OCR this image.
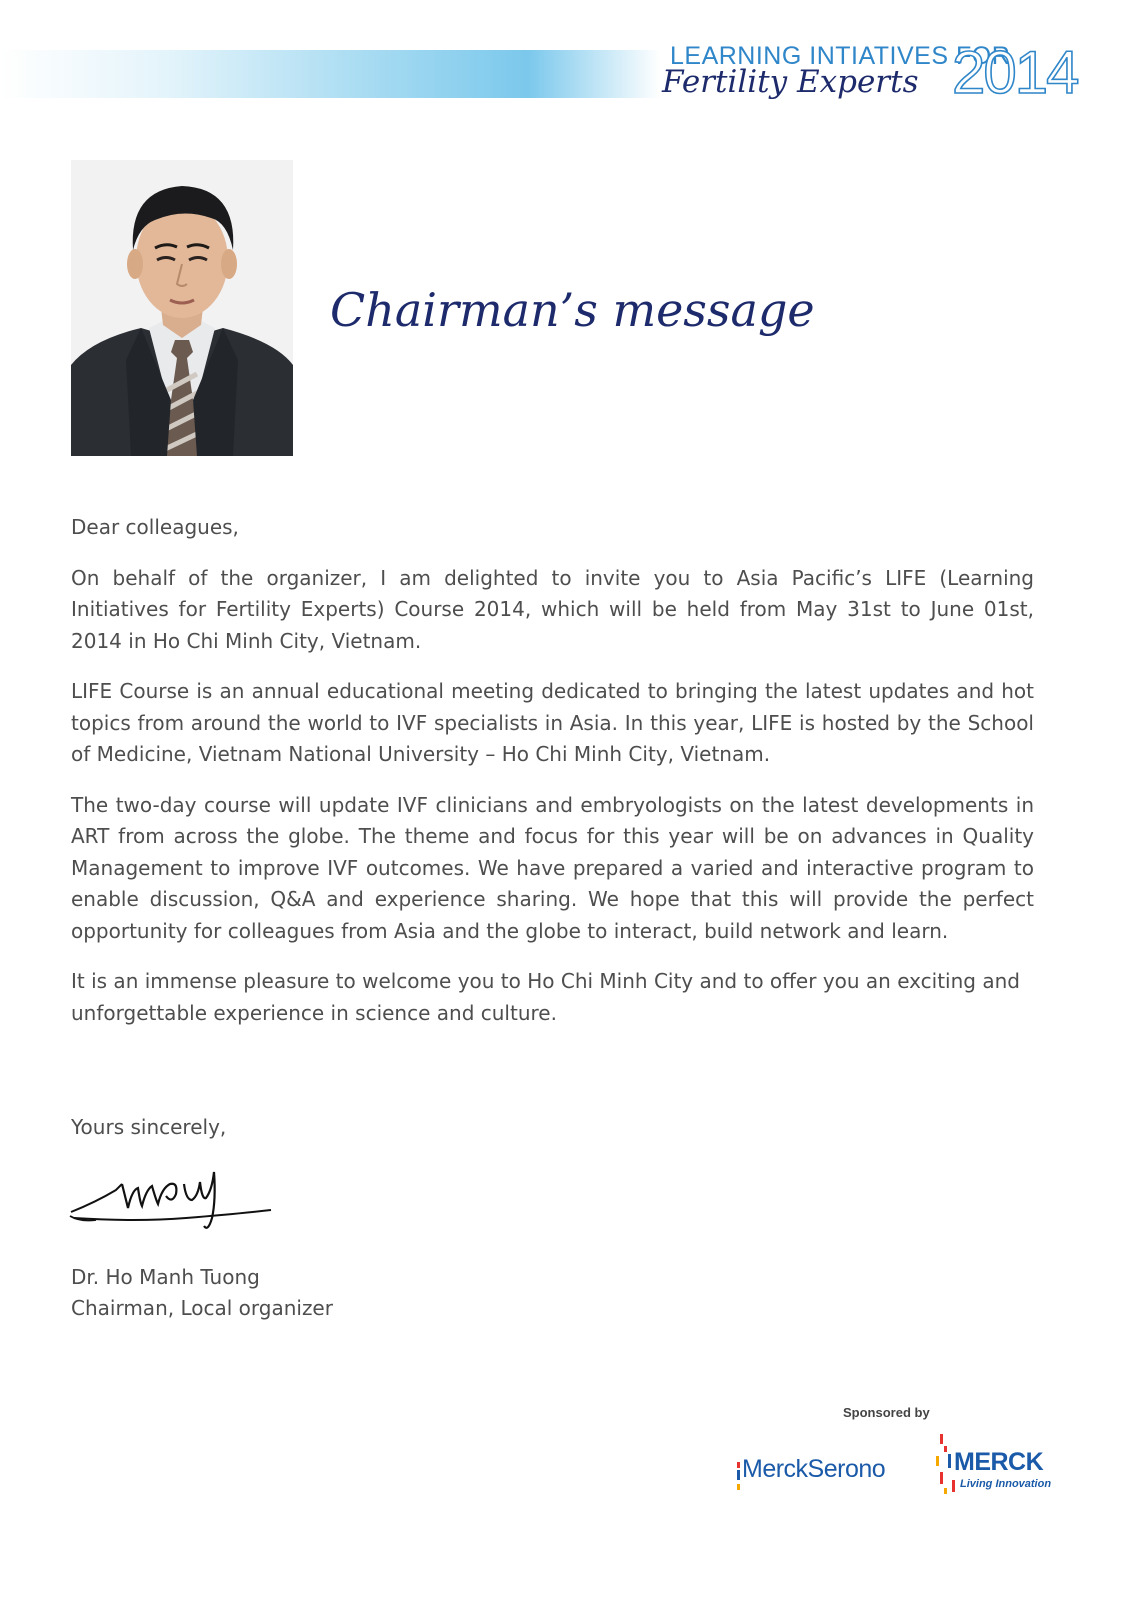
LEARNING INTIATIVES FOR
Fertility Experts 2014
Chairman’s message

Dear colleagues,

On behalf of the organizer, I am delighted to invite you to Asia Pacific’s LIFE (Learning Initiatives for Fertility Experts) Course 2014, which will be held from May 31st to June 01st, 2014 in Ho Chi Minh City, Vietnam.

LIFE Course is an annual educational meeting dedicated to bringing the latest updates and hot topics from around the world to IVF specialists in Asia. In this year, LIFE is hosted by the School of Medicine, Vietnam National University – Ho Chi Minh City, Vietnam.

The two-day course will update IVF clinicians and embryologists on the latest developments in ART from across the globe. The theme and focus for this year will be on advances in Quality Management to improve IVF outcomes. We have prepared a varied and interactive program to enable discussion, Q&A and experience sharing. We hope that this will provide the perfect opportunity for colleagues from Asia and the globe to interact, build network and learn.

It is an immense pleasure to welcome you to Ho Chi Minh City and to offer you an exciting and unforgettable experience in science and culture.

Yours sincerely,
Dr. Ho Manh Tuong
Chairman, Local organizer
Sponsored by
MerckSerono	MERCK
Living Innovation
